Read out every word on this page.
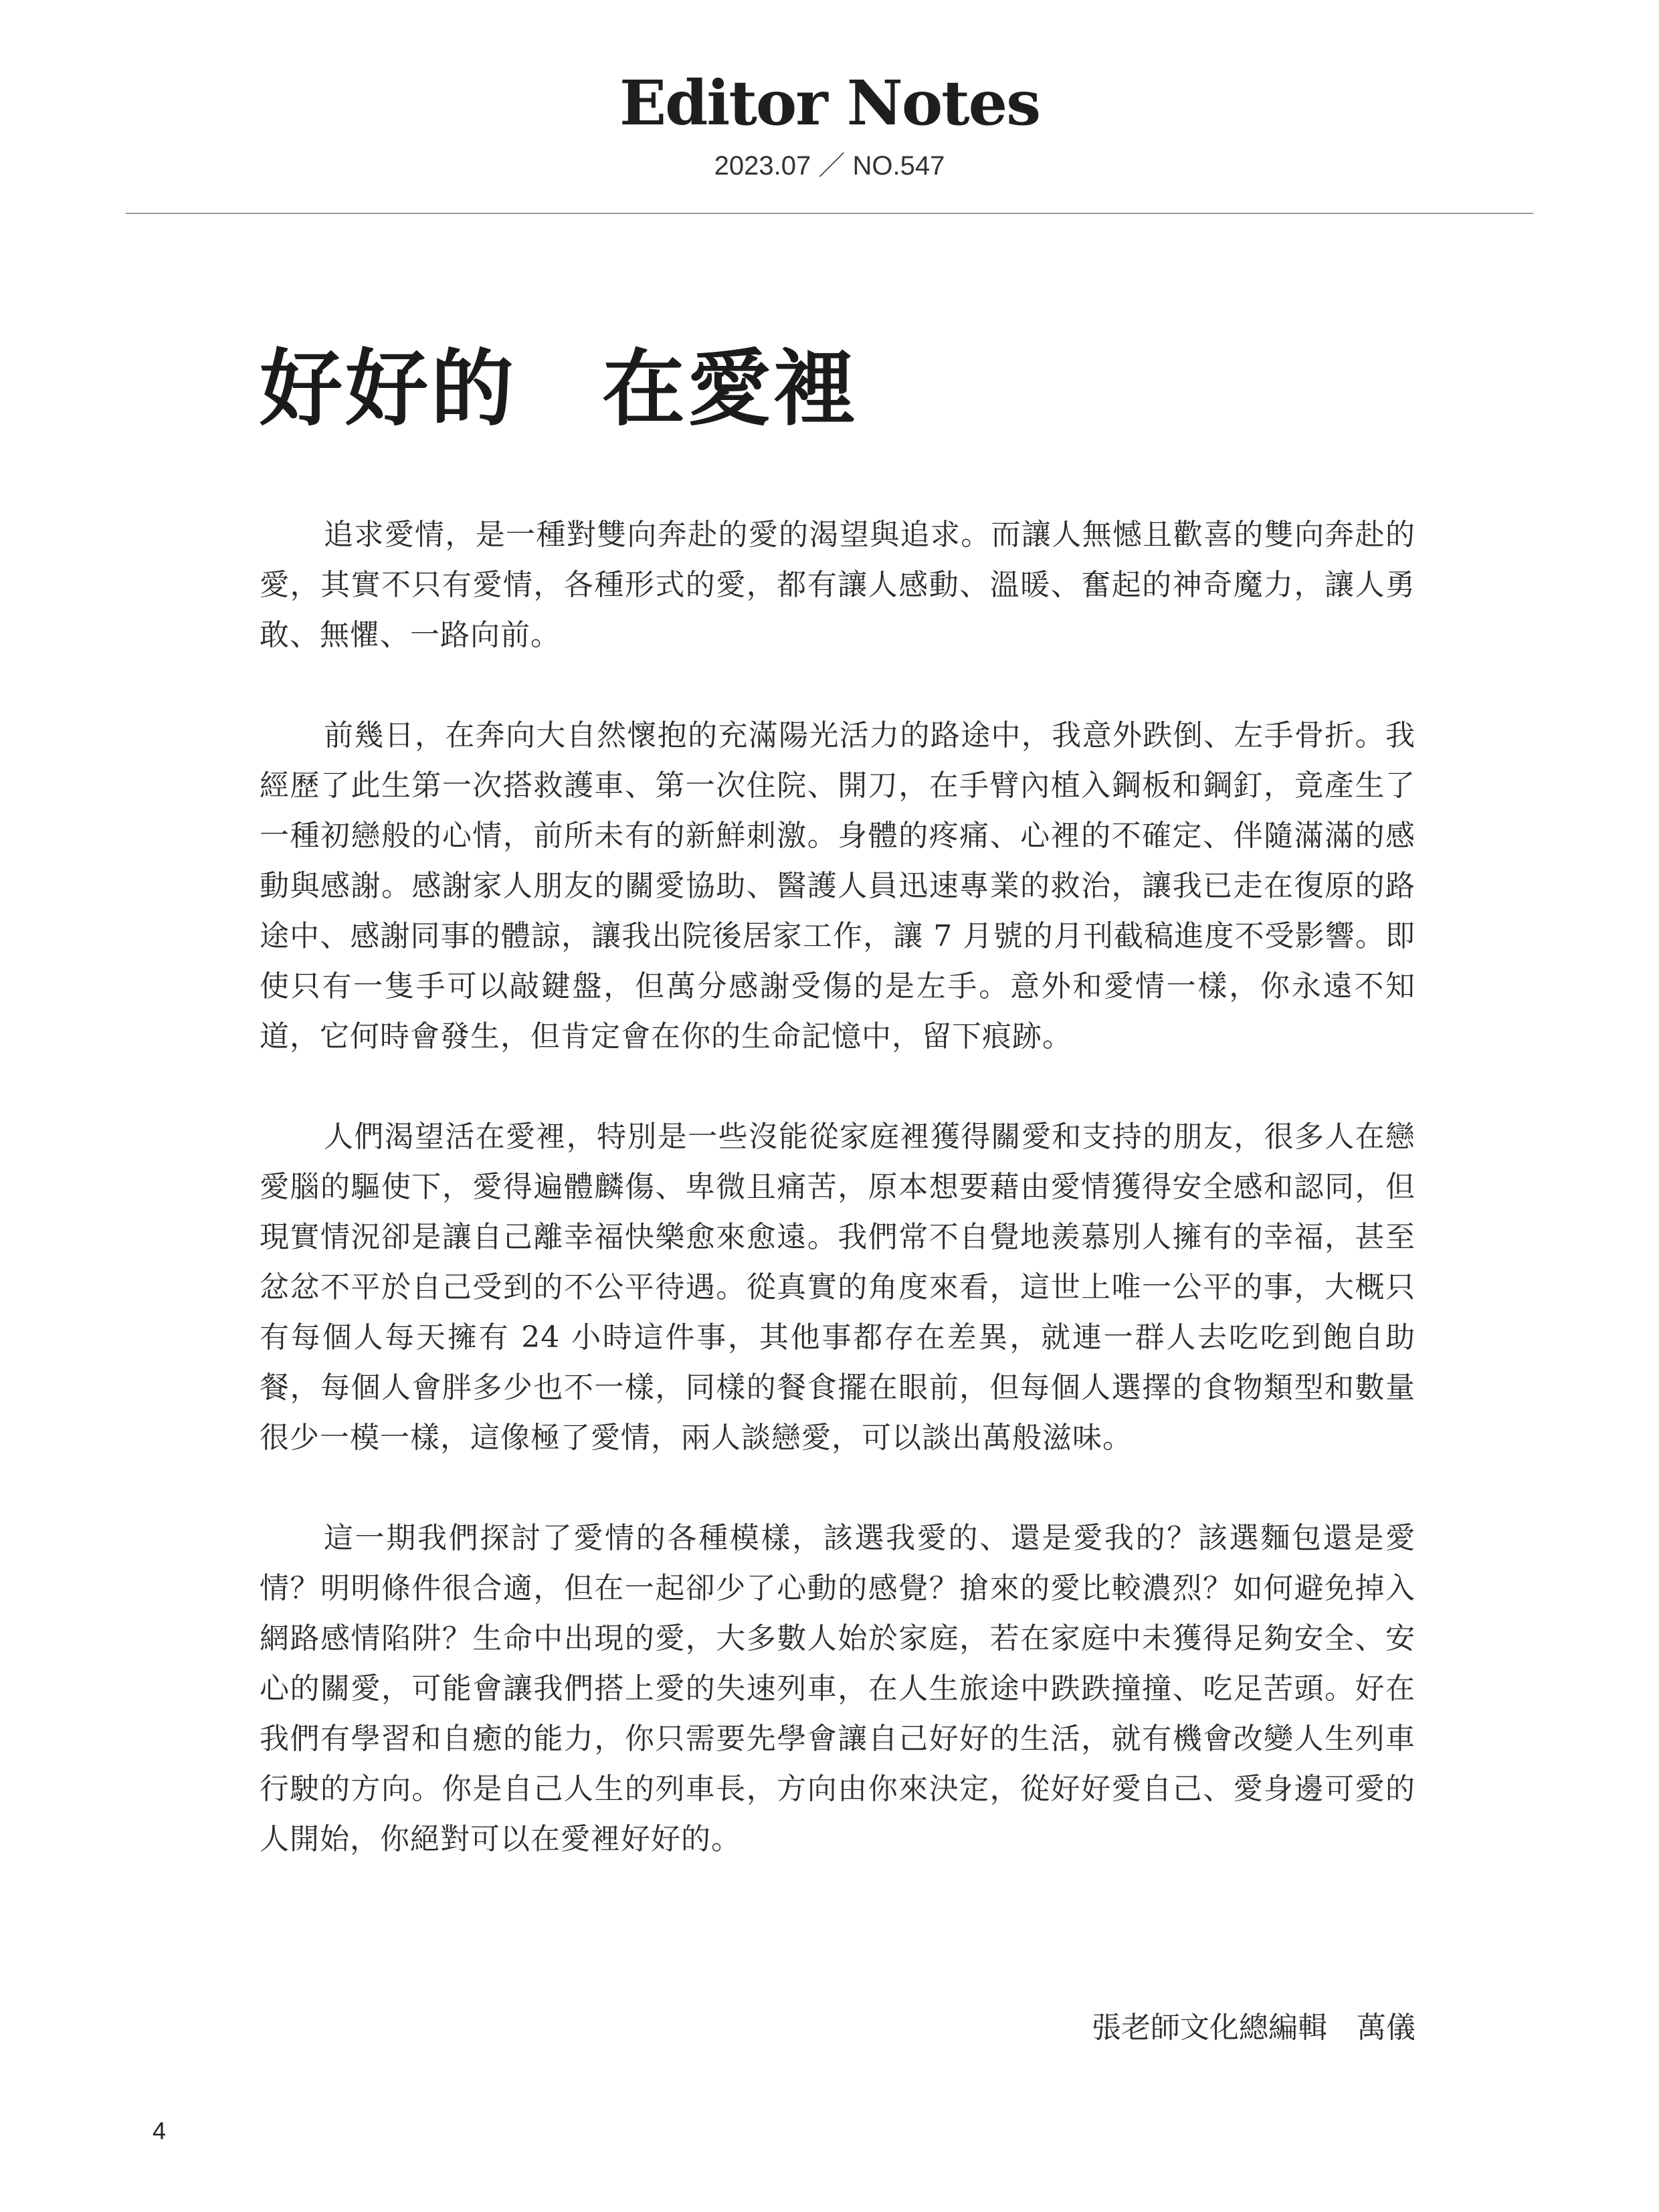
Editor Notes
2023.07 ／ NO.547
好好的　在愛裡

追求愛情，是一種對雙向奔赴的愛的渴望與追求。而讓人無憾且歡喜的雙向奔赴的愛，其實不只有愛情，各種形式的愛，都有讓人感動、溫暖、奮起的神奇魔力，讓人勇敢、無懼、一路向前。

前幾日，在奔向大自然懷抱的充滿陽光活力的路途中，我意外跌倒、左手骨折。我經歷了此生第一次搭救護車、第一次住院、開刀，在手臂內植入鋼板和鋼釘，竟產生了一種初戀般的心情，前所未有的新鮮刺激。身體的疼痛、心裡的不確定、伴隨滿滿的感動與感謝。感謝家人朋友的關愛協助、醫護人員迅速專業的救治，讓我已走在復原的路途中、感謝同事的體諒，讓我出院後居家工作，讓 7 月號的月刊截稿進度不受影響。即使只有一隻手可以敲鍵盤，但萬分感謝受傷的是左手。意外和愛情一樣，你永遠不知道，它何時會發生，但肯定會在你的生命記憶中，留下痕跡。

人們渴望活在愛裡，特別是一些沒能從家庭裡獲得關愛和支持的朋友，很多人在戀愛腦的驅使下，愛得遍體麟傷、卑微且痛苦，原本想要藉由愛情獲得安全感和認同，但現實情況卻是讓自己離幸福快樂愈來愈遠。我們常不自覺地羨慕別人擁有的幸福，甚至忿忿不平於自己受到的不公平待遇。從真實的角度來看，這世上唯一公平的事，大概只有每個人每天擁有 24 小時這件事，其他事都存在差異，就連一群人去吃吃到飽自助餐，每個人會胖多少也不一樣，同樣的餐食擺在眼前，但每個人選擇的食物類型和數量很少一模一樣，這像極了愛情，兩人談戀愛，可以談出萬般滋味。

這一期我們探討了愛情的各種模樣，該選我愛的、還是愛我的？該選麵包還是愛情？明明條件很合適，但在一起卻少了心動的感覺？搶來的愛比較濃烈？如何避免掉入網路感情陷阱？生命中出現的愛，大多數人始於家庭，若在家庭中未獲得足夠安全、安心的關愛，可能會讓我們搭上愛的失速列車，在人生旅途中跌跌撞撞、吃足苦頭。好在我們有學習和自癒的能力，你只需要先學會讓自己好好的生活，就有機會改變人生列車行駛的方向。你是自己人生的列車長，方向由你來決定，從好好愛自己、愛身邊可愛的人開始，你絕對可以在愛裡好好的。

張老師文化總編輯　萬儀
4
